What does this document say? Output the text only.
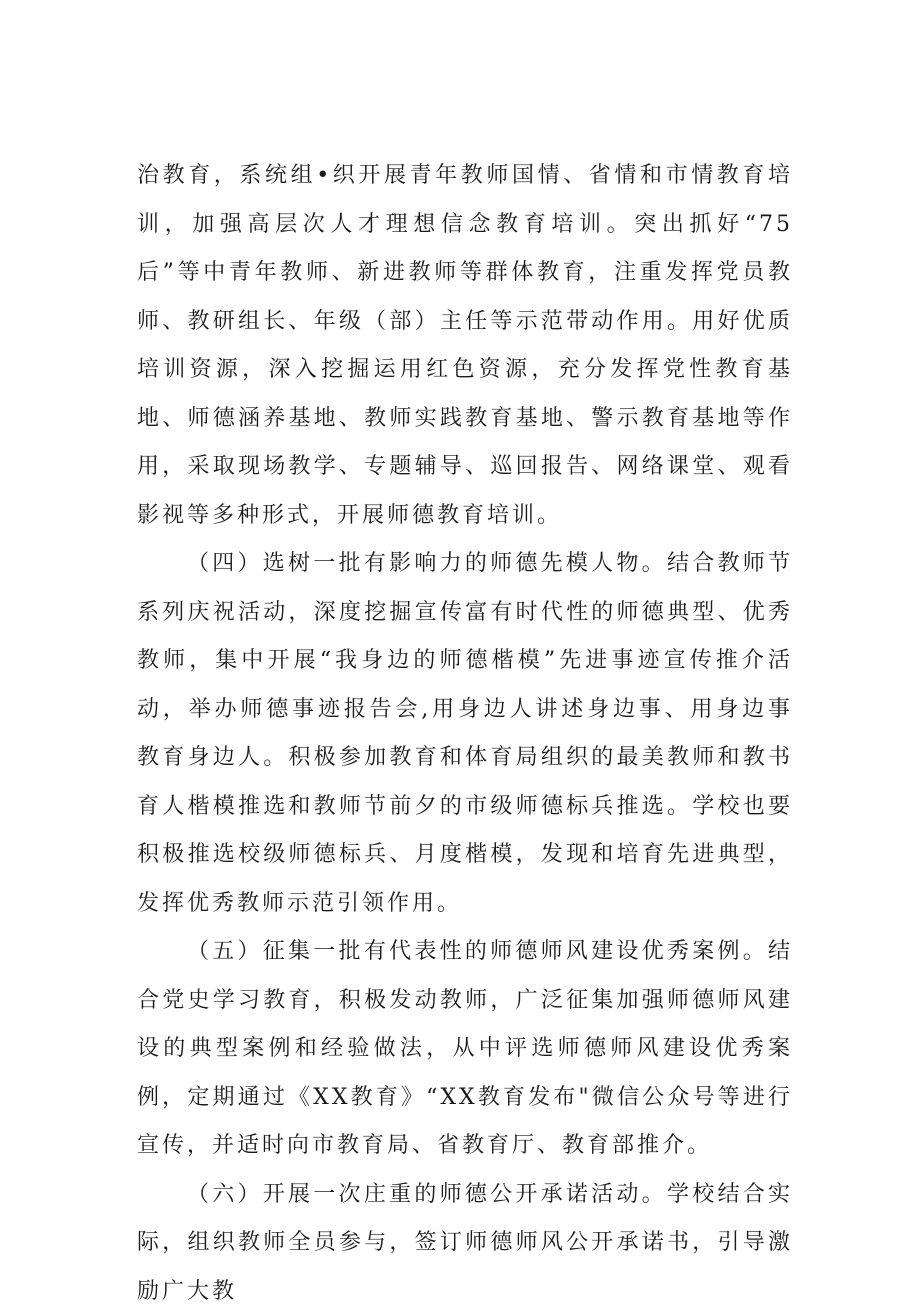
治教育，系统组•织开展青年教师国情、省情和市情教育培训，加强高层次人才理想信念教育培训。突出抓好“75后”等中青年教师、新进教师等群体教育，注重发挥党员教师、教研组长、年级（部）主任等示范带动作用。用好优质培训资源，深入挖掘运用红色资源，充分发挥党性教育基地、师德涵养基地、教师实践教育基地、警示教育基地等作用，采取现场教学、专题辅导、巡回报告、网络课堂、观看影视等多种形式，开展师德教育培训。

（四）选树一批有影响力的师德先模人物。结合教师节系列庆祝活动，深度挖掘宣传富有时代性的师德典型、优秀教师，集中开展“我身边的师德楷模”先进事迹宣传推介活动，举办师德事迹报告会,用身边人讲述身边事、用身边事教育身边人。积极参加教育和体育局组织的最美教师和教书育人楷模推选和教师节前夕的市级师德标兵推选。学校也要积极推选校级师德标兵、月度楷模，发现和培育先进典型，发挥优秀教师示范引领作用。

（五）征集一批有代表性的师德师风建设优秀案例。结合党史学习教育，积极发动教师，广泛征集加强师德师风建设的典型案例和经验做法，从中评选师德师风建设优秀案例，定期通过《XX教育》“XX教育发布"微信公众号等进行宣传，并适时向市教育局、省教育厅、教育部推介。

（六）开展一次庄重的师德公开承诺活动。学校结合实际，组织教师全员参与，签订师德师风公开承诺书，引导激励广大教
